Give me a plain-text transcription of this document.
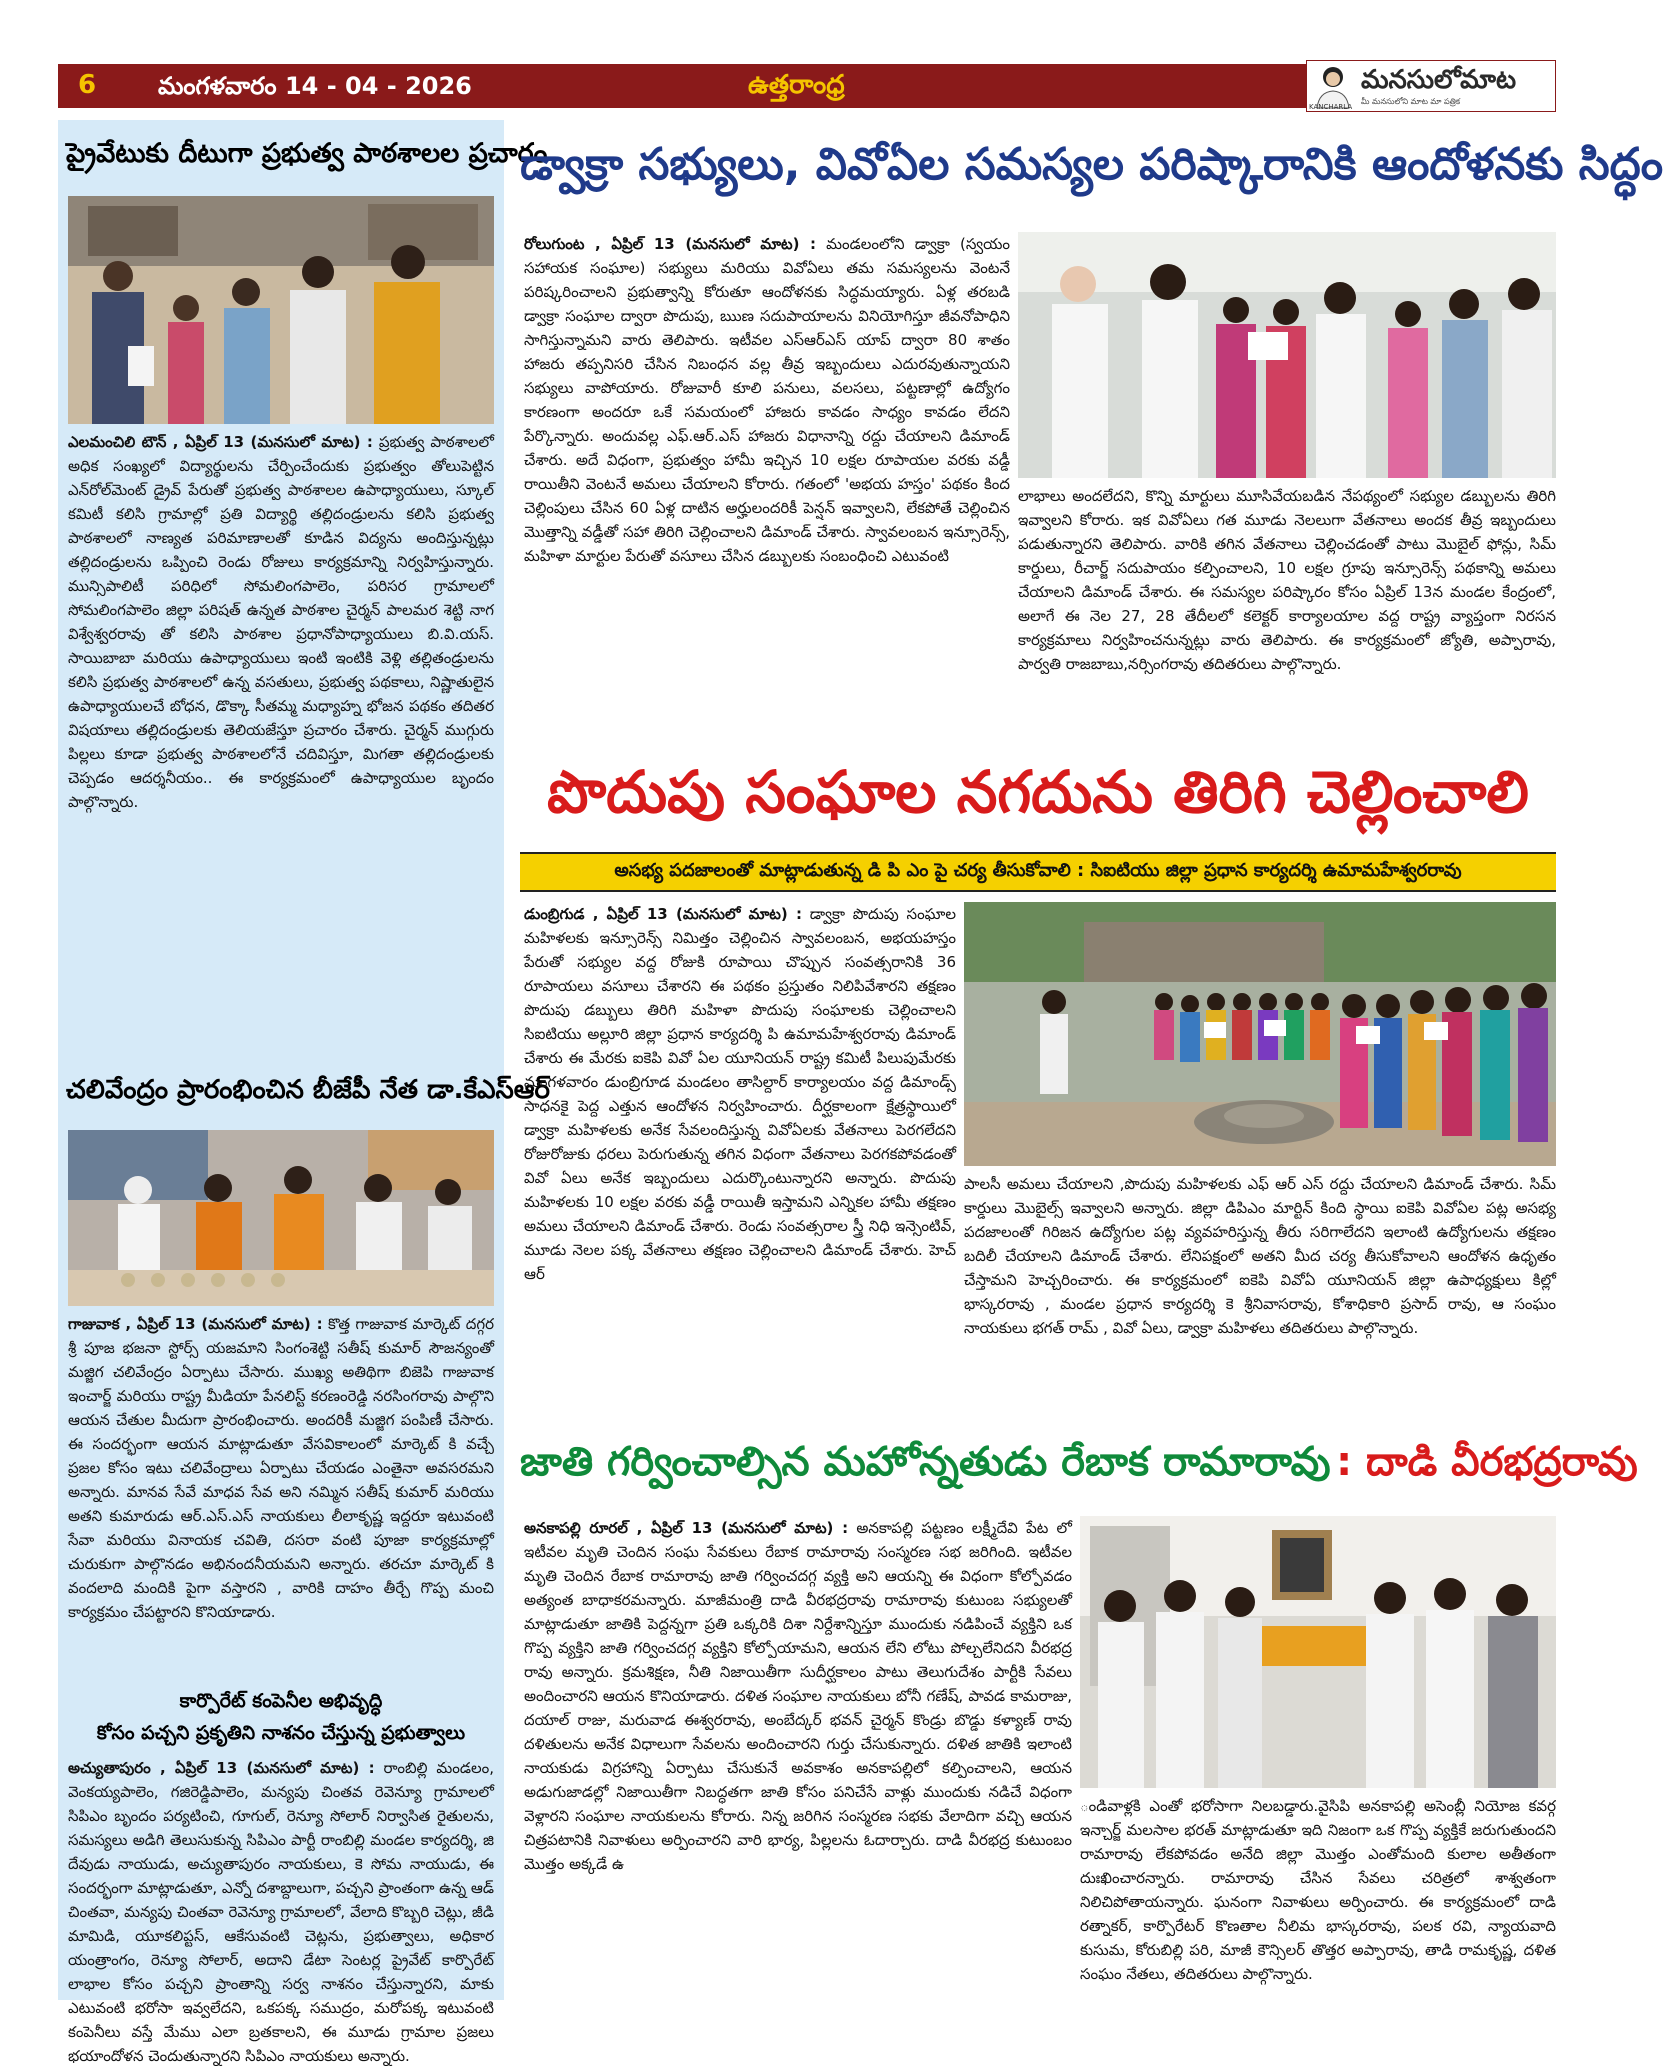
6	మంగళవారం 14 - 04 - 2026	ఉత్తరాంధ్ర	మనసులోమాట
మీ మనసులోని మాట మా పత్రిక
KANCHARLA
ప్రైవేటుకు దీటుగా ప్రభుత్వ పాఠశాలల ప్రచారం
ఎలమంచిలి టౌన్ , ఏప్రిల్ 13 (మనసులో మాట) : ప్రభుత్వ పాఠశాలలో అధిక సంఖ్యలో విద్యార్థులను చేర్పించేందుకు ప్రభుత్వం తోలుపెట్టిన ఎన్‌రోల్‌మెంట్ డ్రైవ్ పేరుతో ప్రభుత్వ పాఠశాలల ఉపాధ్యాయులు, స్కూల్ కమిటీ కలిసి గ్రామాల్లో ప్రతి విద్యార్థి తల్లిదండ్రులను కలిసి ప్రభుత్వ పాఠశాలలో నాణ్యత పరిమాణాలతో కూడిన విద్యను అందిస్తున్నట్లు తల్లిదండ్రులను ఒప్పించి రెండు రోజులు కార్యక్రమాన్ని నిర్వహిస్తున్నారు. మున్సిపాలిటీ పరిధిలో సోమలింగపాలెం, పరిసర గ్రామాలలో సోమలింగపాలెం జిల్లా పరిషత్ ఉన్నత పాఠశాల చైర్మన్ పాలమర శెట్టి నాగ విశ్వేశ్వరరావు తో కలిసి పాఠశాల ప్రధానోపాధ్యాయులు బి.వి.యస్. సాయిబాబా మరియు ఉపాధ్యాయులు ఇంటి ఇంటికి వెళ్లి తల్లితండ్రులను కలిసి ప్రభుత్వ పాఠశాలలో ఉన్న వసతులు, ప్రభుత్వ పథకాలు, నిష్ణాతులైన ఉపాధ్యాయులచే బోధన, డొక్కా సీతమ్మ మధ్యాహ్న భోజన పథకం తదితర విషయాలు తల్లిదండ్రులకు తెలియజేస్తూ ప్రచారం చేశారు. చైర్మన్ ముగ్గురు పిల్లలు కూడా ప్రభుత్వ పాఠశాలలోనే చదివిస్తూ, మిగతా తల్లిదండ్రులకు చెప్పడం ఆదర్శనీయం.. ఈ కార్యక్రమంలో ఉపాధ్యాయుల బృందం పాల్గొన్నారు.
చలివేంద్రం ప్రారంభించిన బీజేపీ నేత డా.కేఎస్ఆర్
గాజువాక , ఏప్రిల్ 13 (మనసులో మాట) : కొత్త గాజువాక మార్కెట్ దగ్గర శ్రీ పూజ భజనా స్టోర్స్ యజమాని సింగంశెట్టి సతీష్ కుమార్ సౌజన్యంతో మజ్జిగ చలివేంద్రం ఏర్పాటు చేసారు. ముఖ్య అతిథిగా బిజెపి గాజువాక ఇంచార్జ్ మరియు రాష్ట్ర మీడియా పేనలిస్ట్ కరణంరెడ్డి నరసింగరావు పాల్గొని ఆయన చేతుల మీదుగా ప్రారంభించారు. అందరికీ మజ్జిగ పంపిణీ చేసారు. ఈ సందర్భంగా ఆయన మాట్లాడుతూ వేసవికాలంలో మార్కెట్ కి వచ్చే ప్రజల కోసం ఇటు చలివేంద్రాలు ఏర్పాటు చేయడం ఎంతైనా అవసరమని అన్నారు. మానవ సేవే మాధవ సేవ అని నమ్మిన సతీష్ కుమార్ మరియు అతని కుమారుడు ఆర్.ఎస్.ఎస్ నాయకులు లీలాకృష్ణ ఇద్దరూ ఇటువంటి సేవా మరియు వినాయక చవితి, దసరా వంటి పూజా కార్యక్రమాల్లో చురుకుగా పాల్గొనడం అభినందనీయమని అన్నారు. తరచూ మార్కెట్ కి వందలాది మందికి పైగా వస్తారని , వారికి దాహం తీర్చే గొప్ప మంచి కార్యక్రమం చేపట్టారని కొనియాడారు.
కార్పొరేట్ కంపెనీల అభివృద్ధి
కోసం పచ్చని ప్రకృతిని నాశనం చేస్తున్న ప్రభుత్వాలు
అచ్యుతాపురం , ఏప్రిల్ 13 (మనసులో మాట) : రాంబిల్లి మండలం, వెంకయ్యపాలెం, గజిరెడ్డిపాలెం, మన్యపు చింతవ రెవెన్యూ గ్రామాలలో సిపిఎం బృందం పర్యటించి, గూగుల్, రెన్యూ సోలార్ నిర్వాసిత రైతులను, సమస్యలు అడిగి తెలుసుకున్న సిపిఎం పార్టీ రాంబిల్లి మండల కార్యదర్శి, జి దేవుడు నాయుడు, అచ్యుతాపురం నాయకులు, కె సోమ నాయుడు, ఈ సందర్భంగా మాట్లాడుతూ, ఎన్నో దశాబ్దాలుగా, పచ్చని ప్రాంతంగా ఉన్న ఆడ్ చింతవా, మన్యపు చింతవా రెవెన్యూ గ్రామాలలో, వేలాది కొబ్బరి చెట్లు, జీడి మామిడి, యూకలిప్టస్, ఆకేసువంటి చెట్లను, ప్రభుత్వాలు, అధికార యంత్రాంగం, రెన్యూ సోలార్, అదాని డేటా సెంటర్ల ప్రైవేట్ కార్పొరేట్ లాభాల కోసం పచ్చని ప్రాంతాన్ని సర్వ నాశనం చేస్తున్నారని, మాకు ఎటువంటి భరోసా ఇవ్వలేదని, ఒకపక్క సముద్రం, మరోపక్క ఇటువంటి కంపెనీలు వస్తే మేము ఎలా బ్రతకాలని, ఈ మూడు గ్రామాల ప్రజలు భయాందోళన చెందుతున్నారని సిపిఎం నాయకులు అన్నారు.
డ్వాక్రా సభ్యులు, వివోఏల సమస్యల పరిష్కారానికి ఆందోళనకు సిద్ధం
రోలుగుంట , ఏప్రిల్ 13 (మనసులో మాట) : మండలంలోని డ్వాక్రా (స్వయం సహాయక సంఘాల) సభ్యులు మరియు వివోఏలు తమ సమస్యలను వెంటనే పరిష్కరించాలని ప్రభుత్వాన్ని కోరుతూ ఆందోళనకు సిద్ధమయ్యారు. ఏళ్ల తరబడి డ్వాక్రా సంఘాల ద్వారా పొదుపు, ఋణ సదుపాయాలను వినియోగిస్తూ జీవనోపాధిని సాగిస్తున్నామని వారు తెలిపారు. ఇటీవల ఎస్ఆర్ఎస్ యాప్ ద్వారా 80 శాతం హాజరు తప్పనిసరి చేసిన నిబంధన వల్ల తీవ్ర ఇబ్బందులు ఎదురవుతున్నాయని సభ్యులు వాపోయారు. రోజువారీ కూలి పనులు, వలసలు, పట్టణాల్లో ఉద్యోగం కారణంగా అందరూ ఒకే సమయంలో హాజరు కావడం సాధ్యం కావడం లేదని పేర్కొన్నారు. అందువల్ల ఎఫ్.ఆర్.ఎస్ హాజరు విధానాన్ని రద్దు చేయాలని డిమాండ్ చేశారు. అదే విధంగా, ప్రభుత్వం హామీ ఇచ్చిన 10 లక్షల రూపాయల వరకు వడ్డీ రాయితీని వెంటనే అమలు చేయాలని కోరారు. గతంలో 'అభయ హస్తం' పథకం కింద చెల్లింపులు చేసిన 60 ఏళ్ల దాటిన అర్హులందరికీ పెన్షన్ ఇవ్వాలని, లేకపోతే చెల్లించిన మొత్తాన్ని వడ్డీతో సహా తిరిగి చెల్లించాలని డిమాండ్ చేశారు. స్వావలంబన ఇన్సూరెన్స్, మహిళా మార్టుల పేరుతో వసూలు చేసిన డబ్బులకు సంబంధించి ఎటువంటి
లాభాలు అందలేదని, కొన్ని మార్టులు మూసివేయబడిన నేపథ్యంలో సభ్యుల డబ్బులను తిరిగి ఇవ్వాలని కోరారు. ఇక వివోఏలు గత మూడు నెలలుగా వేతనాలు అందక తీవ్ర ఇబ్బందులు పడుతున్నారని తెలిపారు. వారికి తగిన వేతనాలు చెల్లించడంతో పాటు మొబైల్ ఫోన్లు, సిమ్ కార్డులు, రీచార్జ్ సదుపాయం కల్పించాలని, 10 లక్షల గ్రూపు ఇన్సూరెన్స్ పథకాన్ని అమలు చేయాలని డిమాండ్ చేశారు. ఈ సమస్యల పరిష్కారం కోసం ఏప్రిల్ 13న మండల కేంద్రంలో, అలాగే ఈ నెల 27, 28 తేదీలలో కలెక్టర్ కార్యాలయాల వద్ద రాష్ట్ర వ్యాప్తంగా నిరసన కార్యక్రమాలు నిర్వహించనున్నట్లు వారు తెలిపారు. ఈ కార్యక్రమంలో జ్యోతి, అప్పారావు, పార్వతి రాజబాబు,నర్సింగరావు తదితరులు పాల్గొన్నారు.
పొదుపు సంఘాల నగదును తిరిగి చెల్లించాలి
అసభ్య పదజాలంతో మాట్లాడుతున్న డి పి ఎం పై చర్య తీసుకోవాలి : సిఐటియు జిల్లా ప్రధాన కార్యదర్శి ఉమామహేశ్వరరావు
డుంబ్రిగుడ , ఏప్రిల్ 13 (మనసులో మాట) : డ్వాక్రా పొదుపు సంఘాల మహిళలకు ఇన్సూరెన్స్ నిమిత్తం చెల్లించిన స్వావలంబన, అభయహస్తం పేరుతో సభ్యుల వద్ద రోజుకి రూపాయి చొప్పున సంవత్సరానికి 36 రూపాయలు వసూలు చేశారని ఈ పథకం ప్రస్తుతం నిలిపివేశారని తక్షణం పొదుపు డబ్బులు తిరిగి మహిళా పొదుపు సంఘాలకు చెల్లించాలని సిఐటియు అల్లూరి జిల్లా ప్రధాన కార్యదర్శి పి ఉమామహేశ్వరరావు డిమాండ్ చేశారు ఈ మేరకు ఐకెపి వివో ఏల యూనియన్ రాష్ట్ర కమిటీ పిలుపుమేరకు మంగళవారం డుంబ్రిగూడ మండలం తాసిల్దార్ కార్యాలయం వద్ద డిమాండ్స్ సాధనకై పెద్ద ఎత్తున ఆందోళన నిర్వహించారు. దీర్ఘకాలంగా క్షేత్రస్థాయిలో డ్వాక్రా మహిళలకు అనేక సేవలందిస్తున్న వివోఏలకు వేతనాలు పెరగలేదని రోజురోజుకు ధరలు పెరుగుతున్న తగిన విధంగా వేతనాలు పెరగకపోవడంతో వివో ఏలు అనేక ఇబ్బందులు ఎదుర్కొంటున్నారని అన్నారు. పొదుపు మహిళలకు 10 లక్షల వరకు వడ్డీ రాయితీ ఇస్తామని ఎన్నికల హామీ తక్షణం అమలు చేయాలని డిమాండ్ చేశారు. రెండు సంవత్సరాల స్త్రీ నిధి ఇన్సెంటివ్, మూడు నెలల పక్క వేతనాలు తక్షణం చెల్లించాలని డిమాండ్ చేశారు. హెచ్ ఆర్
పాలసీ అమలు చేయాలని ,పొదుపు మహిళలకు ఎఫ్ ఆర్ ఎస్ రద్దు చేయాలని డిమాండ్ చేశారు. సిమ్ కార్డులు మొబైల్స్ ఇవ్వాలని అన్నారు. జిల్లా డిపిఎం మార్టిన్ కింది స్థాయి ఐకెపి వివోఏల పట్ల అసభ్య పదజాలంతో గిరిజన ఉద్యోగుల పట్ల వ్యవహరిస్తున్న తీరు సరిగాలేదని ఇలాంటి ఉద్యోగులను తక్షణం బదిలీ చేయాలని డిమాండ్ చేశారు. లేనిపక్షంలో అతని మీద చర్య తీసుకోవాలని ఆందోళన ఉధృతం చేస్తామని హెచ్చరించారు. ఈ కార్యక్రమంలో ఐకెపి వివోఏ యూనియన్ జిల్లా ఉపాధ్యక్షులు కిల్లో భాస్కరరావు , మండల ప్రధాన కార్యదర్శి కె శ్రీనివాసరావు, కోశాధికారి ప్రసాద్ రావు, ఆ సంఘం నాయకులు భగత్ రామ్ , వివో ఏలు, డ్వాక్రా మహిళలు తదితరులు పాల్గొన్నారు.
జాతి గర్వించాల్సిన మహోన్నతుడు రేబాక రామారావు : దాడి వీరభద్రరావు
అనకాపల్లి రూరల్ , ఏప్రిల్ 13 (మనసులో మాట) : అనకాపల్లి పట్టణం లక్ష్మీదేవి పేట లో ఇటీవల మృతి చెందిన సంఘ సేవకులు రేబాక రామారావు సంస్మరణ సభ జరిగింది. ఇటీవల మృతి చెందిన రేబాక రామారావు జాతి గర్వించదగ్గ వ్యక్తి అని ఆయన్ని ఈ విధంగా కోల్పోవడం అత్యంత బాధాకరమన్నారు. మాజీమంత్రి దాడి వీరభద్రరావు రామారావు కుటుంబ సభ్యులతో మాట్లాడుతూ జాతికి పెద్దన్నగా ప్రతి ఒక్కరికి దిశా నిర్దేశాన్నిస్తూ ముందుకు నడిపించే వ్యక్తిని ఒక గొప్ప వ్యక్తిని జాతి గర్వించదగ్గ వ్యక్తిని కోల్పోయామని, ఆయన లేని లోటు పోల్చలేనిదని వీరభద్ర రావు అన్నారు. క్రమశిక్షణ, నీతి నిజాయితీగా సుదీర్ఘకాలం పాటు తెలుగుదేశం పార్టీకి సేవలు అందించారని ఆయన కొనియాడారు. దళిత సంఘాల నాయకులు బోనీ గణేష్, పావడ కామరాజు, దయాల్ రాజు, మరువాడ ఈశ్వరరావు, అంబేద్కర్ భవన్ చైర్మన్ కొండ్రు బొడ్డు కళ్యాణ్ రావు దళితులను అనేక విధాలుగా సేవలను అందించారని గుర్తు చేసుకున్నారు. దళిత జాతికి ఇలాంటి నాయకుడు విగ్రహాన్ని ఏర్పాటు చేసుకునే అవకాశం అనకాపల్లిలో కల్పించాలని, ఆయన అడుగుజాడల్లో నిజాయితీగా నిబద్ధతగా జాతి కోసం పనిచేసే వాళ్లు ముందుకు నడిచే విధంగా వెళ్లారని సంఘాల నాయకులను కోరారు. నిన్న జరిగిన సంస్మరణ సభకు వేలాదిగా వచ్చి ఆయన చిత్రపటానికి నివాళులు అర్పించారని వారి భార్య, పిల్లలను ఓదార్చారు. దాడి వీరభద్ర కుటుంబం మొత్తం అక్కడే ఉ
ండివాళ్లకి ఎంతో భరోసాగా నిలబడ్డారు.వైసిపి అనకాపల్లి అసెంబ్లీ నియోజ కవర్గ ఇన్చార్జ్ మలసాల భరత్ మాట్లాడుతూ ఇది నిజంగా ఒక గొప్ప వ్యక్తికే జరుగుతుందని రామారావు లేకపోవడం అనేది జిల్లా మొత్తం ఎంతోమంది కులాల అతీతంగా దుఃఖించారన్నారు. రామారావు చేసిన సేవలు చరిత్రలో శాశ్వతంగా నిలిచిపోతాయన్నారు. ఘనంగా నివాళులు అర్పించారు. ఈ కార్యక్రమంలో దాడి రత్నాకర్, కార్పొరేటర్ కొణతాల నీలిమ భాస్కరరావు, పలక రవి, న్యాయవాది కుసుమ, కోరుబిల్లి పరి, మాజీ కౌన్సిలర్ తొత్తర అప్పారావు, తాడి రామకృష్ణ, దళిత సంఘం నేతలు, తదితరులు పాల్గొన్నారు.
